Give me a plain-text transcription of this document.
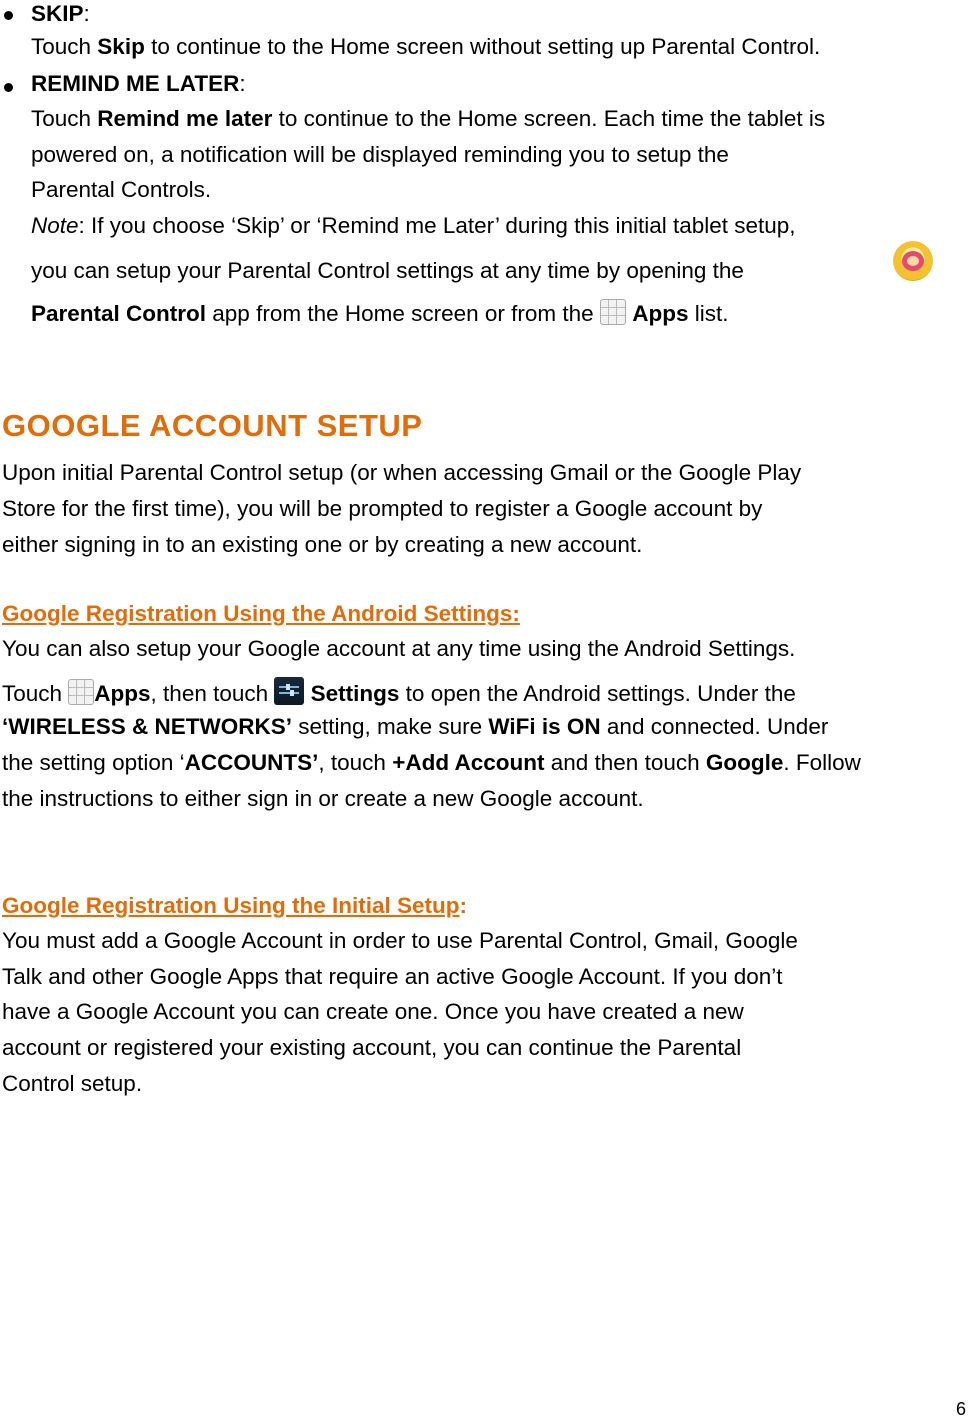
SKIP:
Touch Skip to continue to the Home screen without setting up Parental Control.
REMIND ME LATER:
Touch Remind me later to continue to the Home screen. Each time the tablet is
powered on, a notification will be displayed reminding you to setup the
Parental Controls.
Note: If you choose ‘Skip’ or ‘Remind me Later’ during this initial tablet setup,
you can setup your Parental Control settings at any time by opening the
Parental Control app from the Home screen or from the  Apps list.
GOOGLE ACCOUNT SETUP
Upon initial Parental Control setup (or when accessing Gmail or the Google Play
Store for the first time), you will be prompted to register a Google account by
either signing in to an existing one or by creating a new account.
Google Registration Using the Android Settings:
You can also setup your Google account at any time using the Android Settings.
Touch Apps, then touch  Settings to open the Android settings. Under the
‘WIRELESS & NETWORKS’ setting, make sure WiFi is ON and connected. Under
the setting option ‘ACCOUNTS’, touch +Add Account and then touch Google. Follow
the instructions to either sign in or create a new Google account.
Google Registration Using the Initial Setup:
You must add a Google Account in order to use Parental Control, Gmail, Google
Talk and other Google Apps that require an active Google Account. If you don’t
have a Google Account you can create one. Once you have created a new
account or registered your existing account, you can continue the Parental
Control setup.
6
